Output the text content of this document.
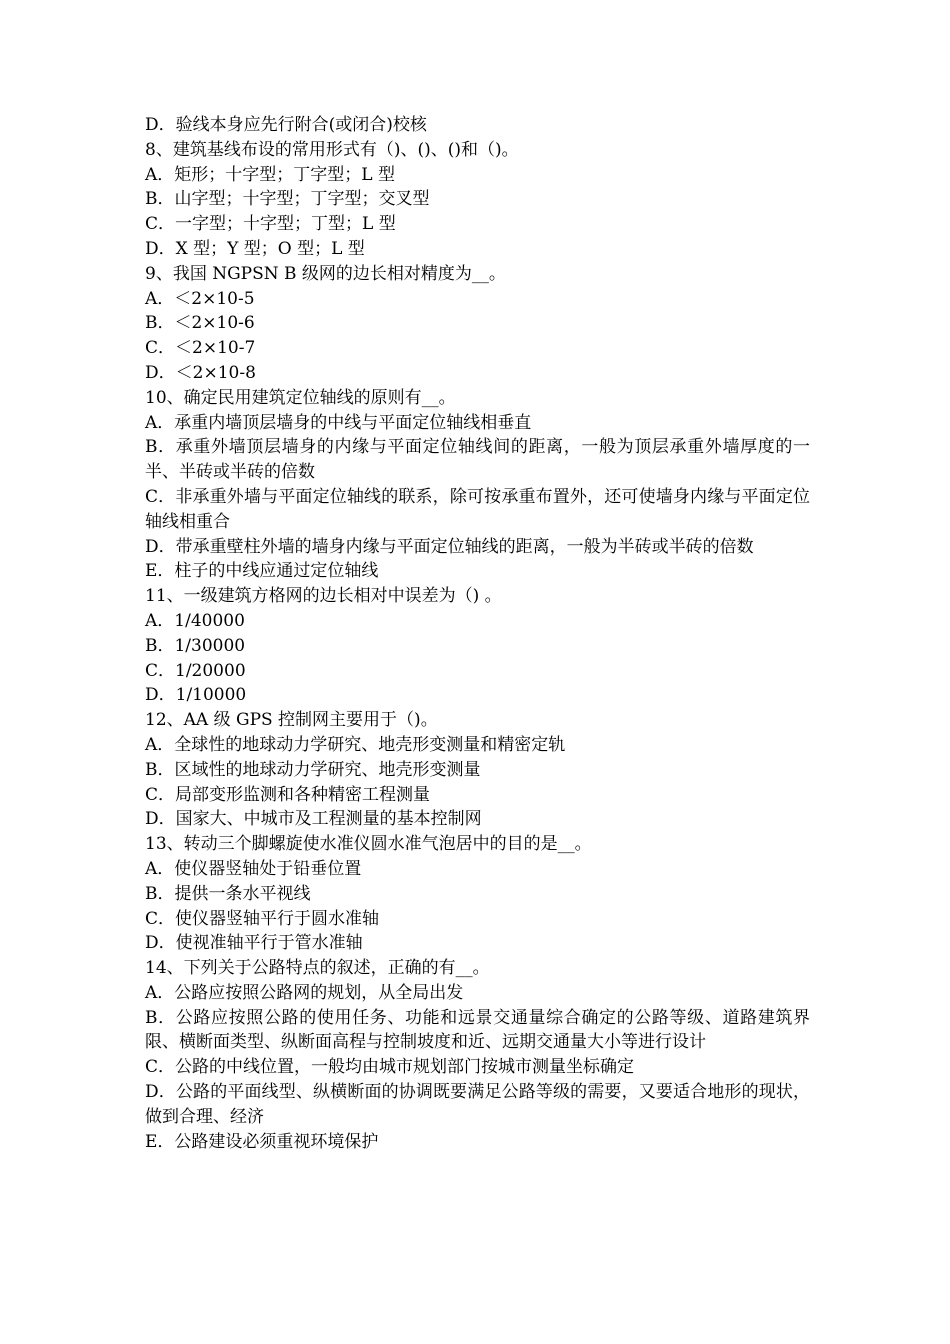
D．验线本身应先行附合(或闭合)校核

8、建筑基线布设的常用形式有（)、()、()和（)。

A．矩形；十字型；丁字型；L 型

B．山字型；十字型；丁字型；交叉型

C．一字型；十字型；丁型；L 型

D．X 型；Y 型；O 型；L 型

9、我国 NGPSN B 级网的边长相对精度为__。

A．＜2×10-5

B．＜2×10-6

C．＜2×10-7

D．＜2×10-8

10、确定民用建筑定位轴线的原则有__。

A．承重内墙顶层墙身的中线与平面定位轴线相垂直

B．承重外墙顶层墙身的内缘与平面定位轴线间的距离，一般为顶层承重外墙厚度的一半、半砖或半砖的倍数

C．非承重外墙与平面定位轴线的联系，除可按承重布置外，还可使墙身内缘与平面定位轴线相重合

D．带承重壁柱外墙的墙身内缘与平面定位轴线的距离，一般为半砖或半砖的倍数

E．柱子的中线应通过定位轴线

11、一级建筑方格网的边长相对中误差为（) 。

A．1/40000

B．1/30000

C．1/20000

D．1/10000

12、AA 级 GPS 控制网主要用于（)。

A．全球性的地球动力学研究、地壳形变测量和精密定轨

B．区域性的地球动力学研究、地壳形变测量

C．局部变形监测和各种精密工程测量

D．国家大、中城市及工程测量的基本控制网

13、转动三个脚螺旋使水准仪圆水准气泡居中的目的是__。

A．使仪器竖轴处于铅垂位置

B．提供一条水平视线

C．使仪器竖轴平行于圆水准轴

D．使视准轴平行于管水准轴

14、下列关于公路特点的叙述，正确的有__。

A．公路应按照公路网的规划，从全局出发

B．公路应按照公路的使用任务、功能和远景交通量综合确定的公路等级、道路建筑界限、横断面类型、纵断面高程与控制坡度和近、远期交通量大小等进行设计

C．公路的中线位置，一般均由城市规划部门按城市测量坐标确定

D．公路的平面线型、纵横断面的协调既要满足公路等级的需要，又要适合地形的现状，做到合理、经济

E．公路建设必须重视环境保护
